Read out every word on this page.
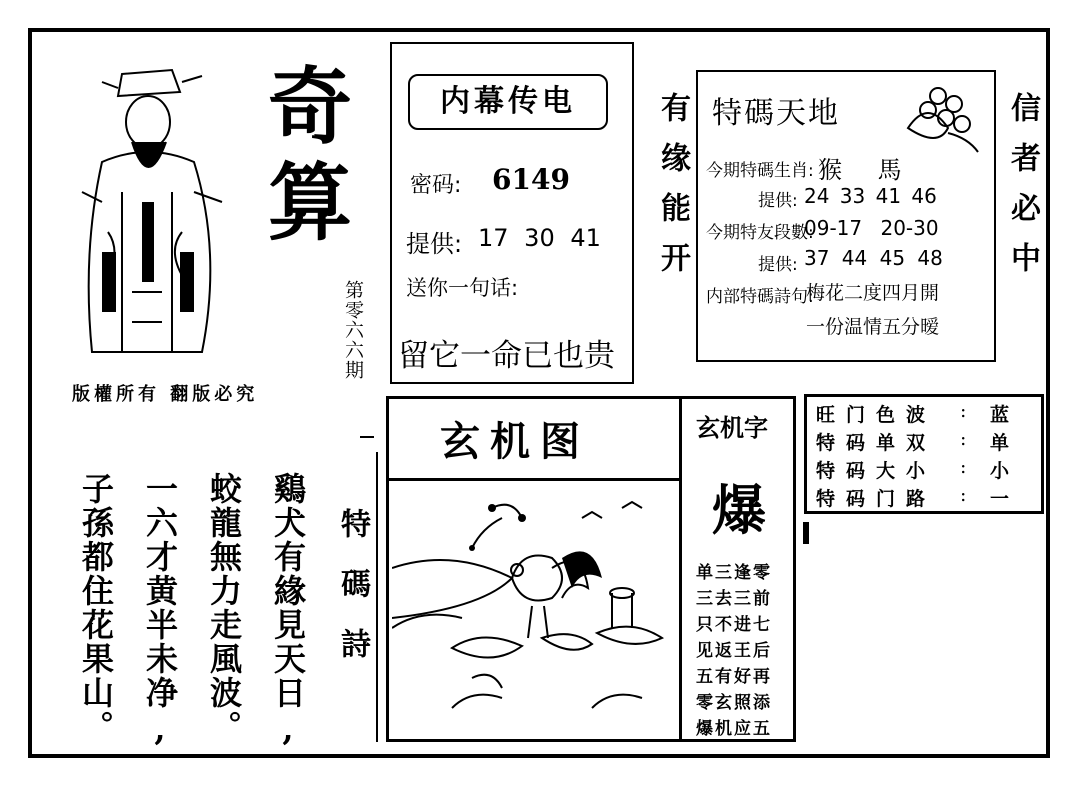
奇
算
第零六六期
版權所有 翻版必究
内幕传电
密码: 6149
提供: 17 30 41
送你一句话:
留它一命已也贵
有缘能开	信者必中
特碼天地
今期特碼生肖: 猴 馬
提供: 24 33 41 46
今期特友段數:
09-17 20-30
提供: 37 44 45 48
内部特碼詩句:
梅花二度四月開
一份温情五分暧
玄机图	玄机字
爆
单三逢零
三去三前
只不进七
见返王后
五有好再
零玄照添
爆机应五
旺门色波 : 蓝
特码单双 : 单
特码大小 : 小
特码门路 : 一
特碼詩
鷄犬有緣見天日,
蛟龍無力走風波。
一六才黄半未净,
子孫都住花果山。
